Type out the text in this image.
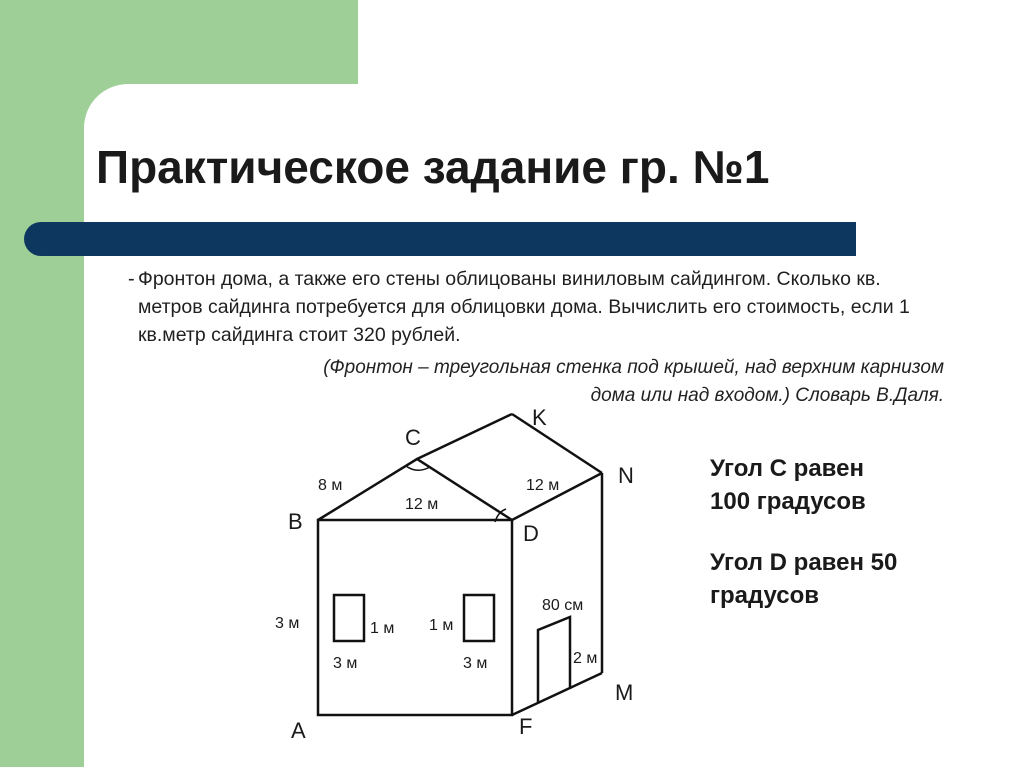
Практическое задание гр. №1
- Фронтон дома, а также его стены облицованы виниловым сайдингом. Сколько кв. метров сайдинга потребуется для облицовки дома. Вычислить его стоимость, если 1 кв.метр сайдинга стоит 320 рублей.

(Фронтон – треугольная стенка под крышей, над верхним карнизом
дома или над входом.) Словарь В.Даля.

A
B
C
D
K
N
M
F
8 м
12 м
12 м
3 м	1 м 1 м
3 м	3 м
80 см
2 м

Угол С равен
100 градусов

Угол D равен 50
градусов
